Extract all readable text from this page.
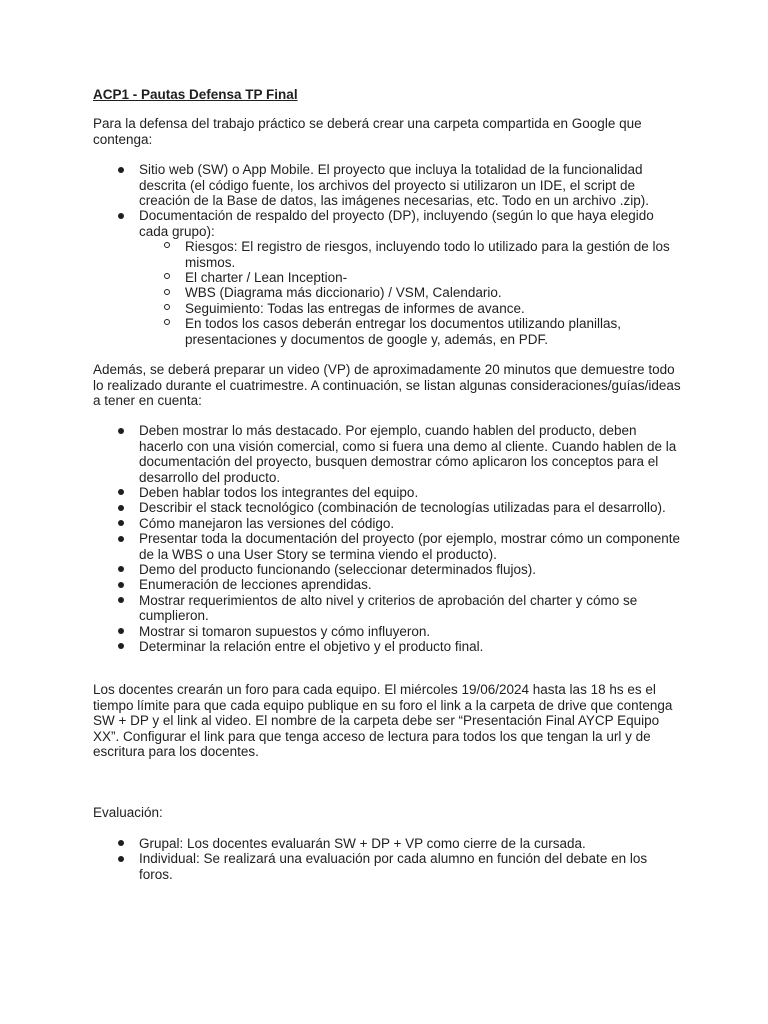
ACP1 - Pautas Defensa TP Final

Para la defensa del trabajo práctico se deberá crear una carpeta compartida en Google que contenga:

Sitio web (SW) o App Mobile. El proyecto que incluya la totalidad de la funcionalidad descrita (el código fuente, los archivos del proyecto si utilizaron un IDE, el script de creación de la Base de datos, las imágenes necesarias, etc. Todo en un archivo .zip).
Documentación de respaldo del proyecto (DP), incluyendo (según lo que haya elegido cada grupo):
Riesgos: El registro de riesgos, incluyendo todo lo utilizado para la gestión de los mismos.
El charter / Lean Inception-
WBS (Diagrama más diccionario) / VSM, Calendario.
Seguimiento: Todas las entregas de informes de avance.
En todos los casos deberán entregar los documentos utilizando planillas, presentaciones y documentos de google y, además, en PDF.

Además, se deberá preparar un video (VP) de aproximadamente 20 minutos que demuestre todo lo realizado durante el cuatrimestre. A continuación, se listan algunas consideraciones/guías/ideas a tener en cuenta:

Deben mostrar lo más destacado. Por ejemplo, cuando hablen del producto, deben hacerlo con una visión comercial, como si fuera una demo al cliente. Cuando hablen de la documentación del proyecto, busquen demostrar cómo aplicaron los conceptos para el desarrollo del producto.
Deben hablar todos los integrantes del equipo.
Describir el stack tecnológico (combinación de tecnologías utilizadas para el desarrollo).
Cómo manejaron las versiones del código.
Presentar toda la documentación del proyecto (por ejemplo, mostrar cómo un componente de la WBS o una User Story se termina viendo el producto).
Demo del producto funcionando (seleccionar determinados flujos).
Enumeración de lecciones aprendidas.
Mostrar requerimientos de alto nivel y criterios de aprobación del charter y cómo se cumplieron.
Mostrar si tomaron supuestos y cómo influyeron.
Determinar la relación entre el objetivo y el producto final.

Los docentes crearán un foro para cada equipo. El miércoles 19/06/2024 hasta las 18 hs es el tiempo límite para que cada equipo publique en su foro el link a la carpeta de drive que contenga SW + DP y el link al video. El nombre de la carpeta debe ser “Presentación Final AYCP Equipo XX”. Configurar el link para que tenga acceso de lectura para todos los que tengan la url y de escritura para los docentes.

Evaluación:

Grupal: Los docentes evaluarán SW + DP + VP como cierre de la cursada.
Individual: Se realizará una evaluación por cada alumno en función del debate en los foros.
